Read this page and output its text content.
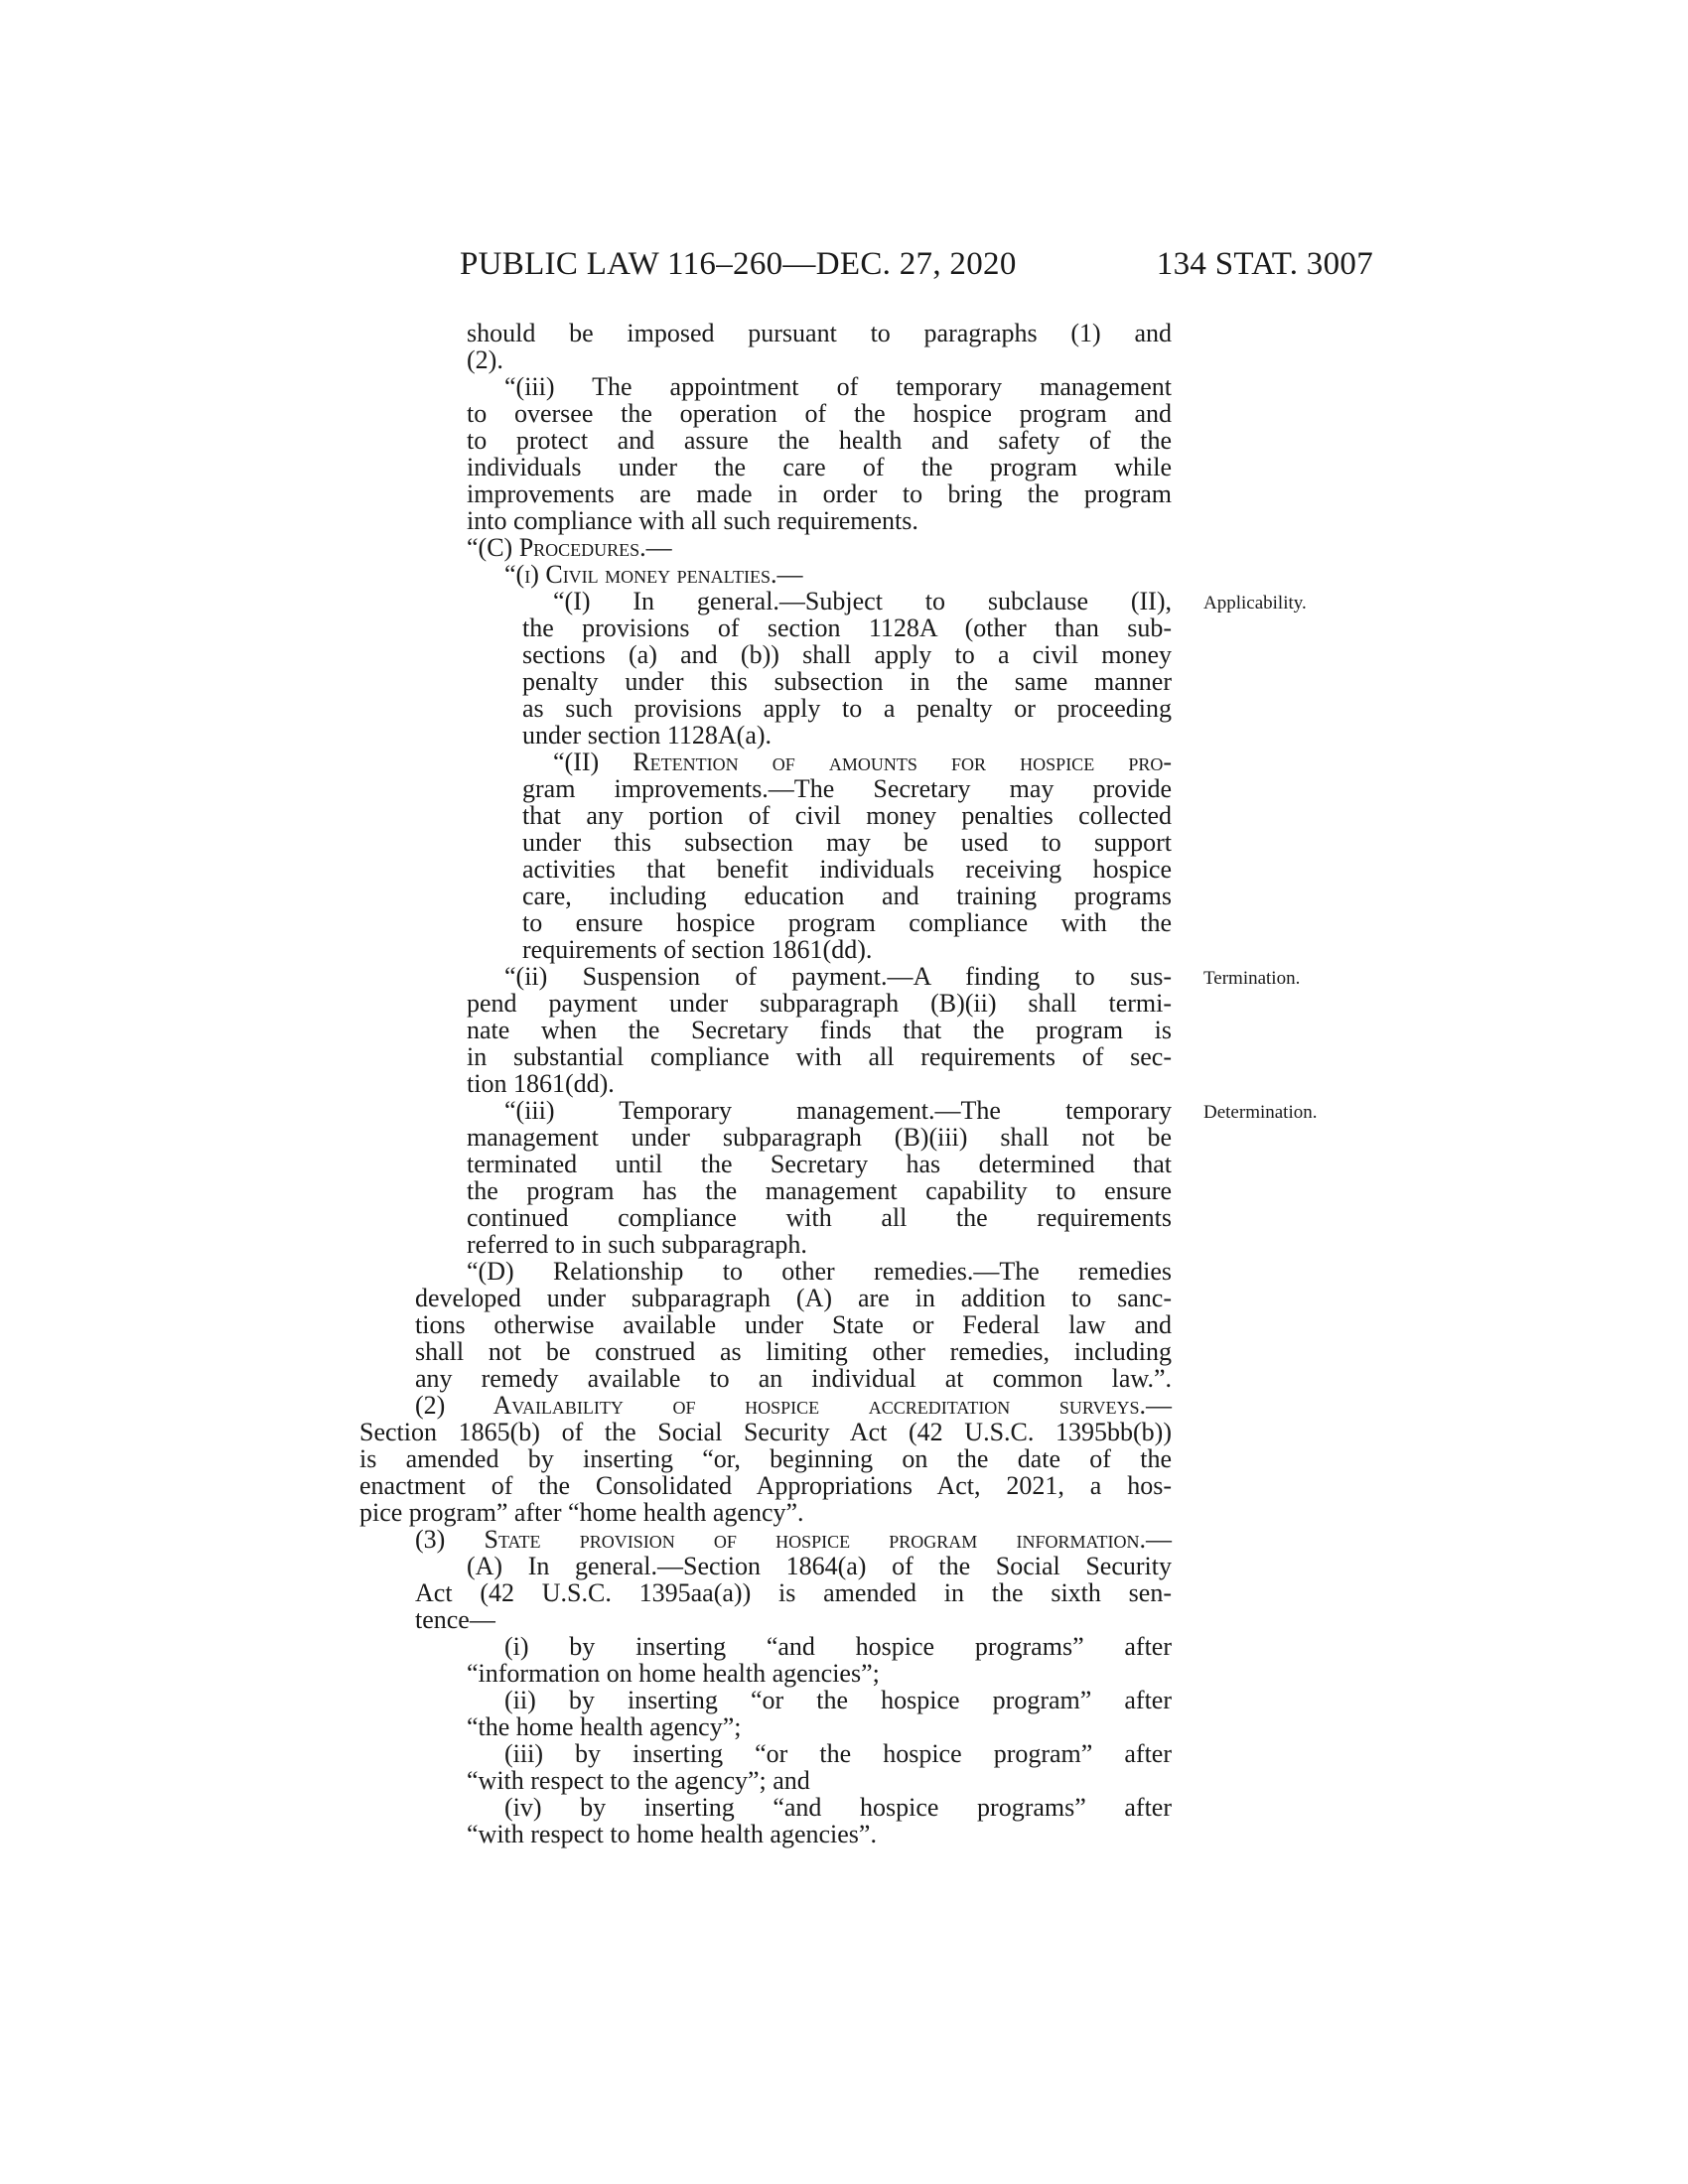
PUBLIC LAW 116–260—DEC. 27, 2020	134 STAT. 3007
should be imposed pursuant to paragraphs (1) and
(2).
“(iii) The appointment of temporary management
to oversee the operation of the hospice program and
to protect and assure the health and safety of the
individuals under the care of the program while
improvements are made in order to bring the program
into compliance with all such requirements.
“(C) Procedures.—
“(i) Civil money penalties.—
“(I) In general.—Subject to subclause (II),
the provisions of section 1128A (other than sub-
sections (a) and (b)) shall apply to a civil money
penalty under this subsection in the same manner
as such provisions apply to a penalty or proceeding
under section 1128A(a).
“(II) Retention of amounts for hospice pro-
gram improvements.—The Secretary may provide
that any portion of civil money penalties collected
under this subsection may be used to support
activities that benefit individuals receiving hospice
care, including education and training programs
to ensure hospice program compliance with the
requirements of section 1861(dd).
“(ii) Suspension of payment.—A finding to sus-
pend payment under subparagraph (B)(ii) shall termi-
nate when the Secretary finds that the program is
in substantial compliance with all requirements of sec-
tion 1861(dd).
“(iii) Temporary management.—The temporary
management under subparagraph (B)(iii) shall not be
terminated until the Secretary has determined that
the program has the management capability to ensure
continued compliance with all the requirements
referred to in such subparagraph.
“(D) Relationship to other remedies.—The remedies
developed under subparagraph (A) are in addition to sanc-
tions otherwise available under State or Federal law and
shall not be construed as limiting other remedies, including
any remedy available to an individual at common law.”.
(2) Availability of hospice accreditation surveys.—
Section 1865(b) of the Social Security Act (42 U.S.C. 1395bb(b))
is amended by inserting “or, beginning on the date of the
enactment of the Consolidated Appropriations Act, 2021, a hos-
pice program” after “home health agency”.
(3) State provision of hospice program information.—
(A) In general.—Section 1864(a) of the Social Security
Act (42 U.S.C. 1395aa(a)) is amended in the sixth sen-
tence—
(i) by inserting “and hospice programs” after
“information on home health agencies”;
(ii) by inserting “or the hospice program” after
“the home health agency”;
(iii) by inserting “or the hospice program” after
“with respect to the agency”; and
(iv) by inserting “and hospice programs” after
“with respect to home health agencies”.
Applicability.
Termination.
Determination.
